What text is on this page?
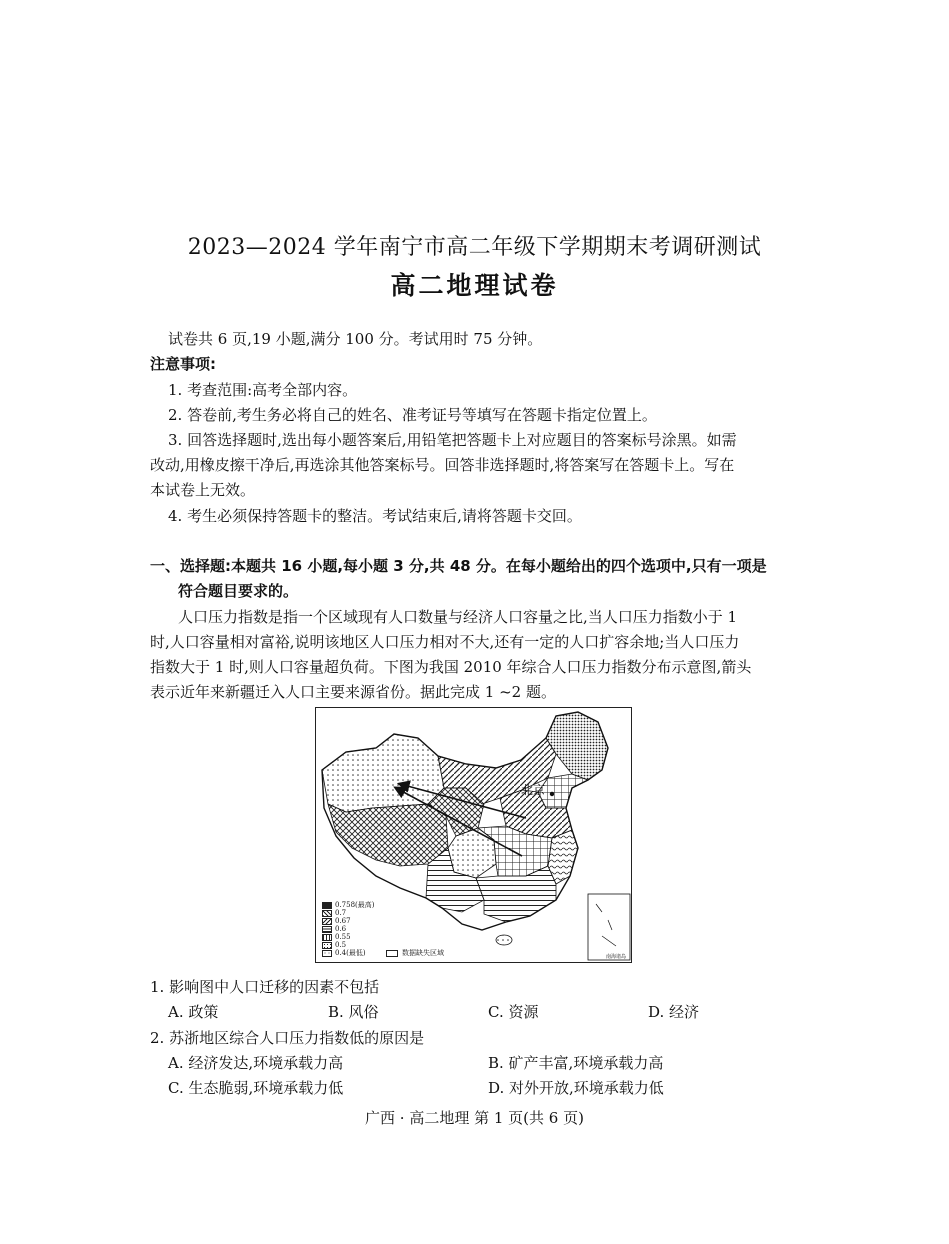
2023—2024 学年南宁市高二年级下学期期末考调研测试
高二地理试卷
试卷共 6 页,19 小题,满分 100 分。考试用时 75 分钟。
注意事项:
1. 考查范围:高考全部内容。
2. 答卷前,考生务必将自己的姓名、准考证号等填写在答题卡指定位置上。
3. 回答选择题时,选出每小题答案后,用铅笔把答题卡上对应题目的答案标号涂黑。如需
改动,用橡皮擦干净后,再选涂其他答案标号。回答非选择题时,将答案写在答题卡上。写在
本试卷上无效。
4. 考生必须保持答题卡的整洁。考试结束后,请将答题卡交回。
一、选择题:本题共 16 小题,每小题 3 分,共 48 分。在每小题给出的四个选项中,只有一项是
符合题目要求的。
人口压力指数是指一个区域现有人口数量与经济人口容量之比,当人口压力指数小于 1
时,人口容量相对富裕,说明该地区人口压力相对不大,还有一定的人口扩容余地;当人口压力
指数大于 1 时,则人口容量超负荷。下图为我国 2010 年综合人口压力指数分布示意图,箭头
表示近年来新疆迁入人口主要来源省份。据此完成 1 ~2 题。
北京
南海诸岛
0.758(最高)
0.7
0.67
0.6
0.55
0.5
0.4(最低)	数据缺失区域
1. 影响图中人口迁移的因素不包括
A. 政策	B. 风俗	C. 资源	D. 经济
2. 苏浙地区综合人口压力指数低的原因是
A. 经济发达,环境承载力高	B. 矿产丰富,环境承载力高
C. 生态脆弱,环境承载力低	D. 对外开放,环境承载力低
广西 · 高二地理 第 1 页(共 6 页)
